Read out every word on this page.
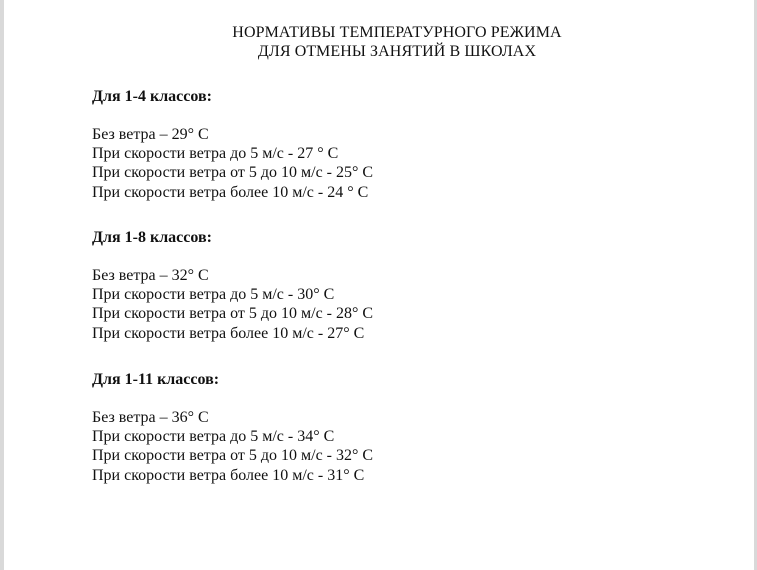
НОРМАТИВЫ ТЕМПЕРАТУРНОГО РЕЖИМА
ДЛЯ ОТМЕНЫ ЗАНЯТИЙ В ШКОЛАХ

Для 1-4 классов:

Без ветра – 29° С
При скорости ветра до 5 м/с - 27 ° С
При скорости ветра от 5 до 10 м/с - 25° С
При скорости ветра более 10 м/с - 24 ° С

Для 1-8 классов:

Без ветра – 32° С
При скорости ветра до 5 м/с - 30° С
При скорости ветра от 5 до 10 м/с - 28° С
При скорости ветра более 10 м/с - 27° С

Для 1-11 классов:

Без ветра – 36° С
При скорости ветра до 5 м/с - 34° С
При скорости ветра от 5 до 10 м/с - 32° С
При скорости ветра более 10 м/с - 31° С
